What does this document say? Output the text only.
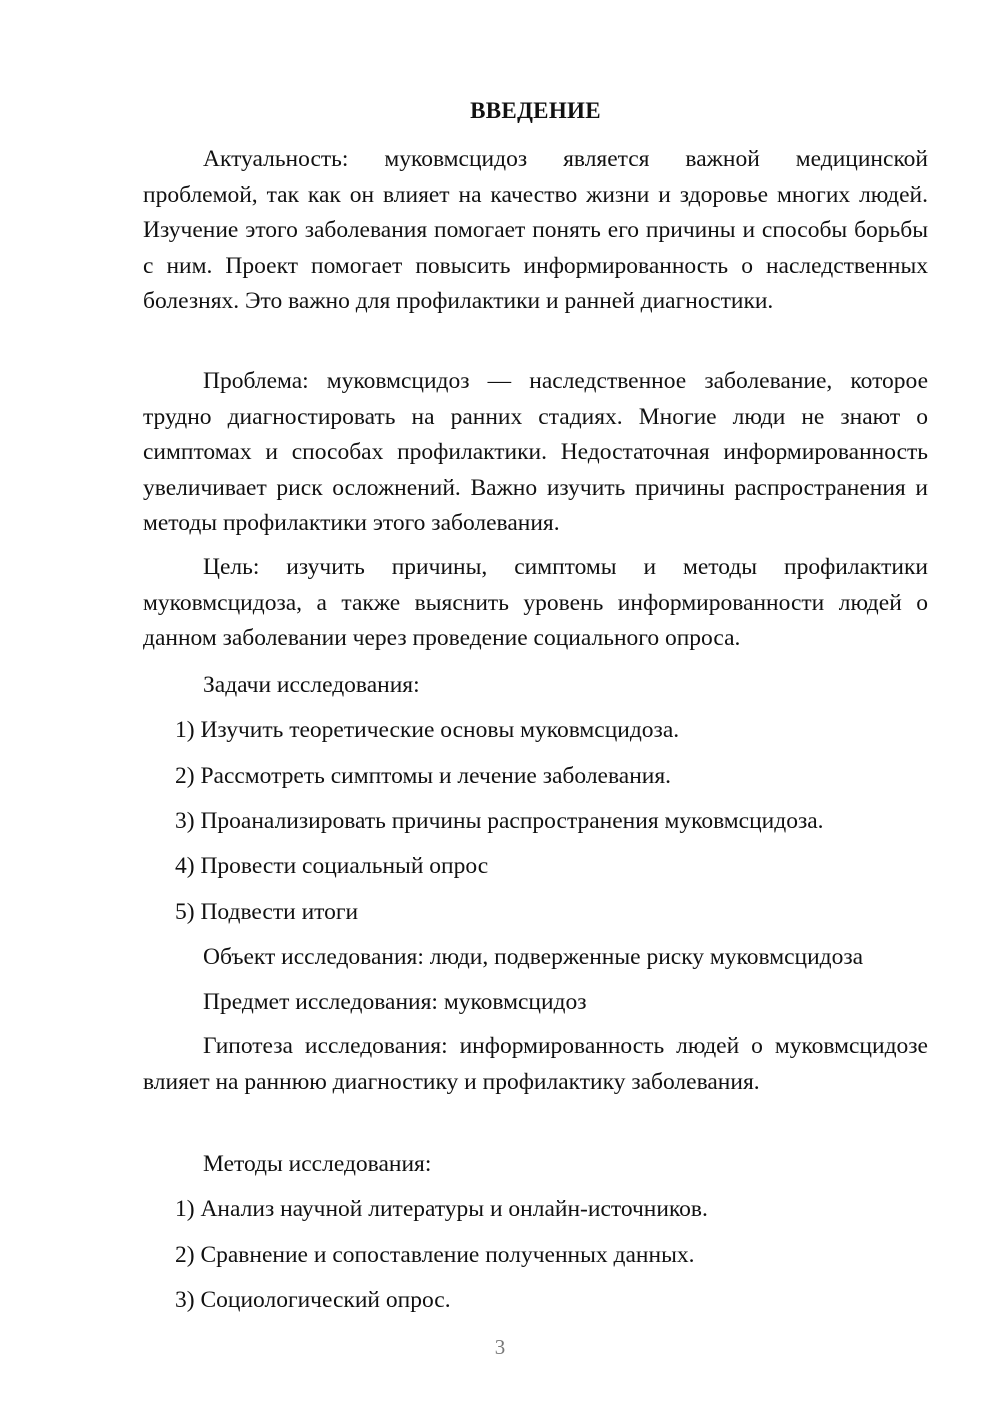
ВВЕДЕНИЕ

Актуальность: муковмсцидоз является важной медицинской проблемой, так как он влияет на качество жизни и здоровье многих людей. Изучение этого заболевания помогает понять его причины и способы борьбы с ним. Проект помогает повысить информированность о наследственных болезнях. Это важно для профилактики и ранней диагностики.

Проблема: муковмсцидоз — наследственное заболевание, которое трудно диагностировать на ранних стадиях. Многие люди не знают о симптомах и способах профилактики. Недостаточная информированность увеличивает риск осложнений. Важно изучить причины распространения и методы профилактики этого заболевания.

Цель: изучить причины, симптомы и методы профилактики муковмсцидоза, а также выяснить уровень информированности людей о данном заболевании через проведение социального опроса.

Задачи исследования:

1) Изучить теоретические основы муковмсцидоза.

2) Рассмотреть симптомы и лечение заболевания.

3) Проанализировать причины распространения муковмсцидоза.

4) Провести социальный опрос

5) Подвести итоги

Объект исследования: люди, подверженные риску муковмсцидоза

Предмет исследования: муковмсцидоз

Гипотеза исследования: информированность людей о муковмсцидозе влияет на раннюю диагностику и профилактику заболевания.

Методы исследования:

1) Анализ научной литературы и онлайн-источников.

2) Сравнение и сопоставление полученных данных.

3) Социологический опрос.

3
